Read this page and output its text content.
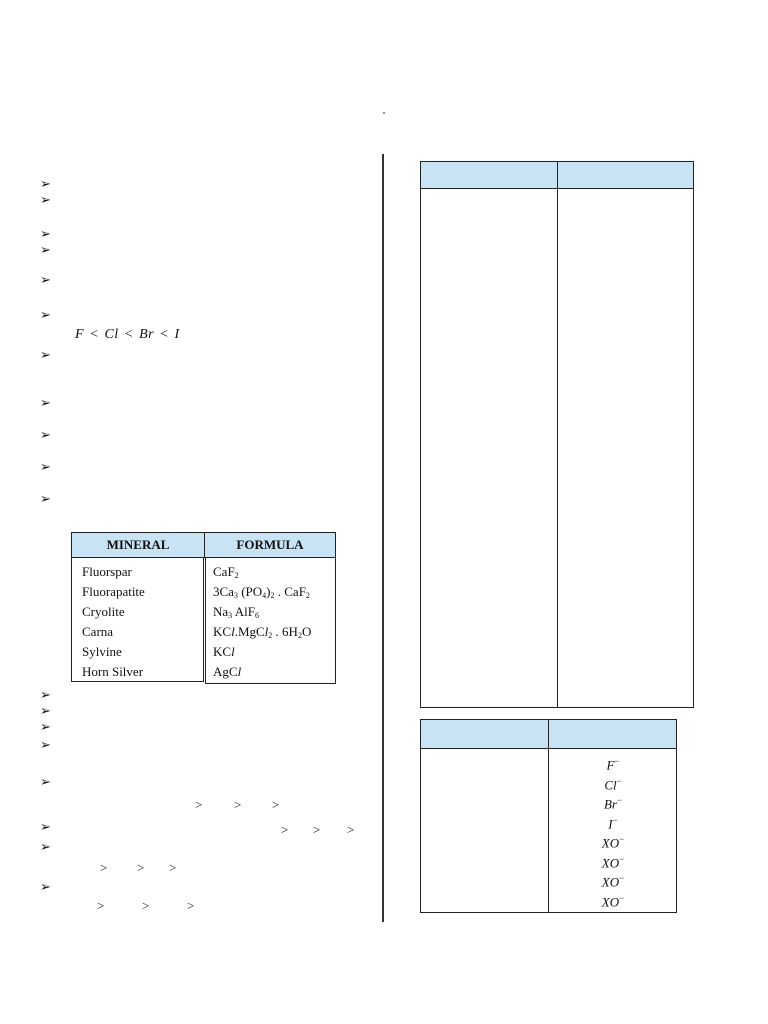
➢
➢
➢
➢
➢
➢
➢
➢
➢
➢
➢
➢
➢
➢
➢
➢
➢
➢
➢
F < Cl < Br < I
> > >
> > >
> > >
>	>	>
MINERAL	FORMULA
Fluorspar	CaF$_2$
Fluorapatite	$3Ca_3$ $(PO_4)_2$ . CaF$_2$
Cryolite	$Na_3$ AlF$_6$
Carna	KCl.MgCl$_2$ . $6H_2O$
Sylvine	KCl
Horn Silver	AgCl
F−
Cl−
Br−
I−
XO−
XO−
XO−
XO−
